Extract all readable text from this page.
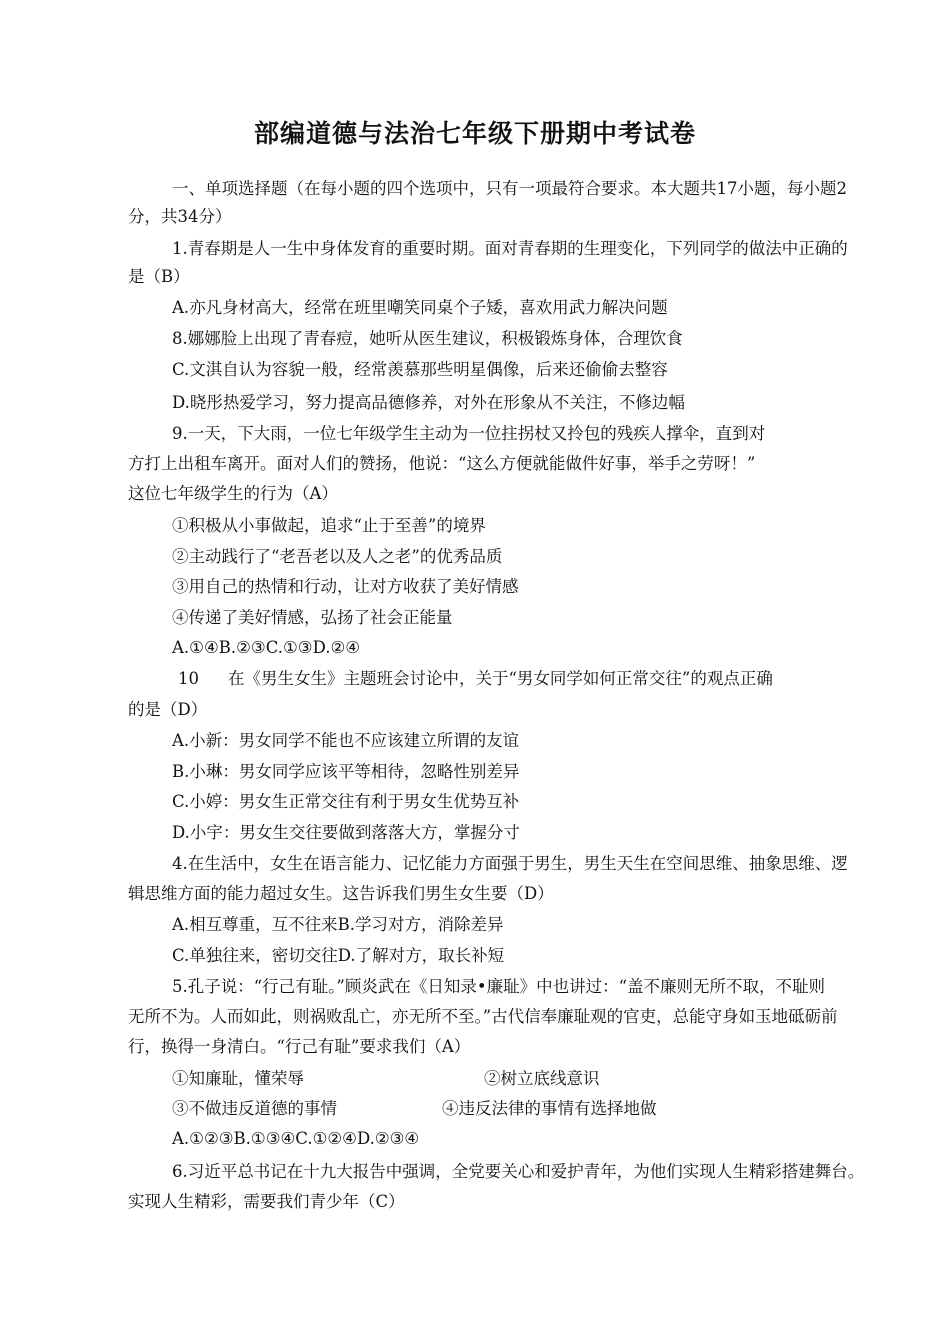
部编道德与法治七年级下册期中考试卷
一、单项选择题（在每小题的四个选项中，只有一项最符合要求。本大题共17小题，每小题2
分，共34分）
1.青春期是人一生中身体发育的重要时期。面对青春期的生理变化，下列同学的做法中正确的
是（B）
A.亦凡身材高大，经常在班里嘲笑同桌个子矮，喜欢用武力解决问题
8.娜娜脸上出现了青春痘，她听从医生建议，积极锻炼身体，合理饮食
C.文淇自认为容貌一般，经常羡慕那些明星偶像，后来还偷偷去整容
D.晓彤热爱学习，努力提高品德修养，对外在形象从不关注，不修边幅
9.一天，下大雨，一位七年级学生主动为一位拄拐杖又拎包的残疾人撑伞，直到对
方打上出租车离开。面对人们的赞扬，他说：“这么方便就能做件好事，举手之劳呀！”
这位七年级学生的行为（A）
①积极从小事做起，追求“止于至善”的境界
②主动践行了“老吾老以及人之老”的优秀品质
③用自己的热情和行动，让对方收获了美好情感
④传递了美好情感，弘扬了社会正能量
A.①④B.②③C.①③D.②④
10 在《男生女生》主题班会讨论中，关于“男女同学如何正常交往”的观点正确
的是（D）
A.小新：男女同学不能也不应该建立所谓的友谊
B.小琳：男女同学应该平等相待，忽略性别差异
C.小婷：男女生正常交往有利于男女生优势互补
D.小宇：男女生交往要做到落落大方，掌握分寸
4.在生活中，女生在语言能力、记忆能力方面强于男生，男生天生在空间思维、抽象思维、逻
辑思维方面的能力超过女生。这告诉我们男生女生要（D）
A.相互尊重，互不往来B.学习对方，消除差异
C.单独往来，密切交往D.了解对方，取长补短
5.孔子说：“行己有耻。”顾炎武在《日知录•廉耻》中也讲过：“盖不廉则无所不取，不耻则
无所不为。人而如此，则祸败乱亡，亦无所不至。”古代信奉廉耻观的官吏，总能守身如玉地砥砺前
行，换得一身清白。“行己有耻”要求我们（A）
①知廉耻，懂荣辱	②树立底线意识
③不做违反道德的事情	④违反法律的事情有选择地做
A.①②③B.①③④C.①②④D.②③④
6.习近平总书记在十九大报告中强调，全党要关心和爱护青年，为他们实现人生精彩搭建舞台。
实现人生精彩，需要我们青少年（C）
